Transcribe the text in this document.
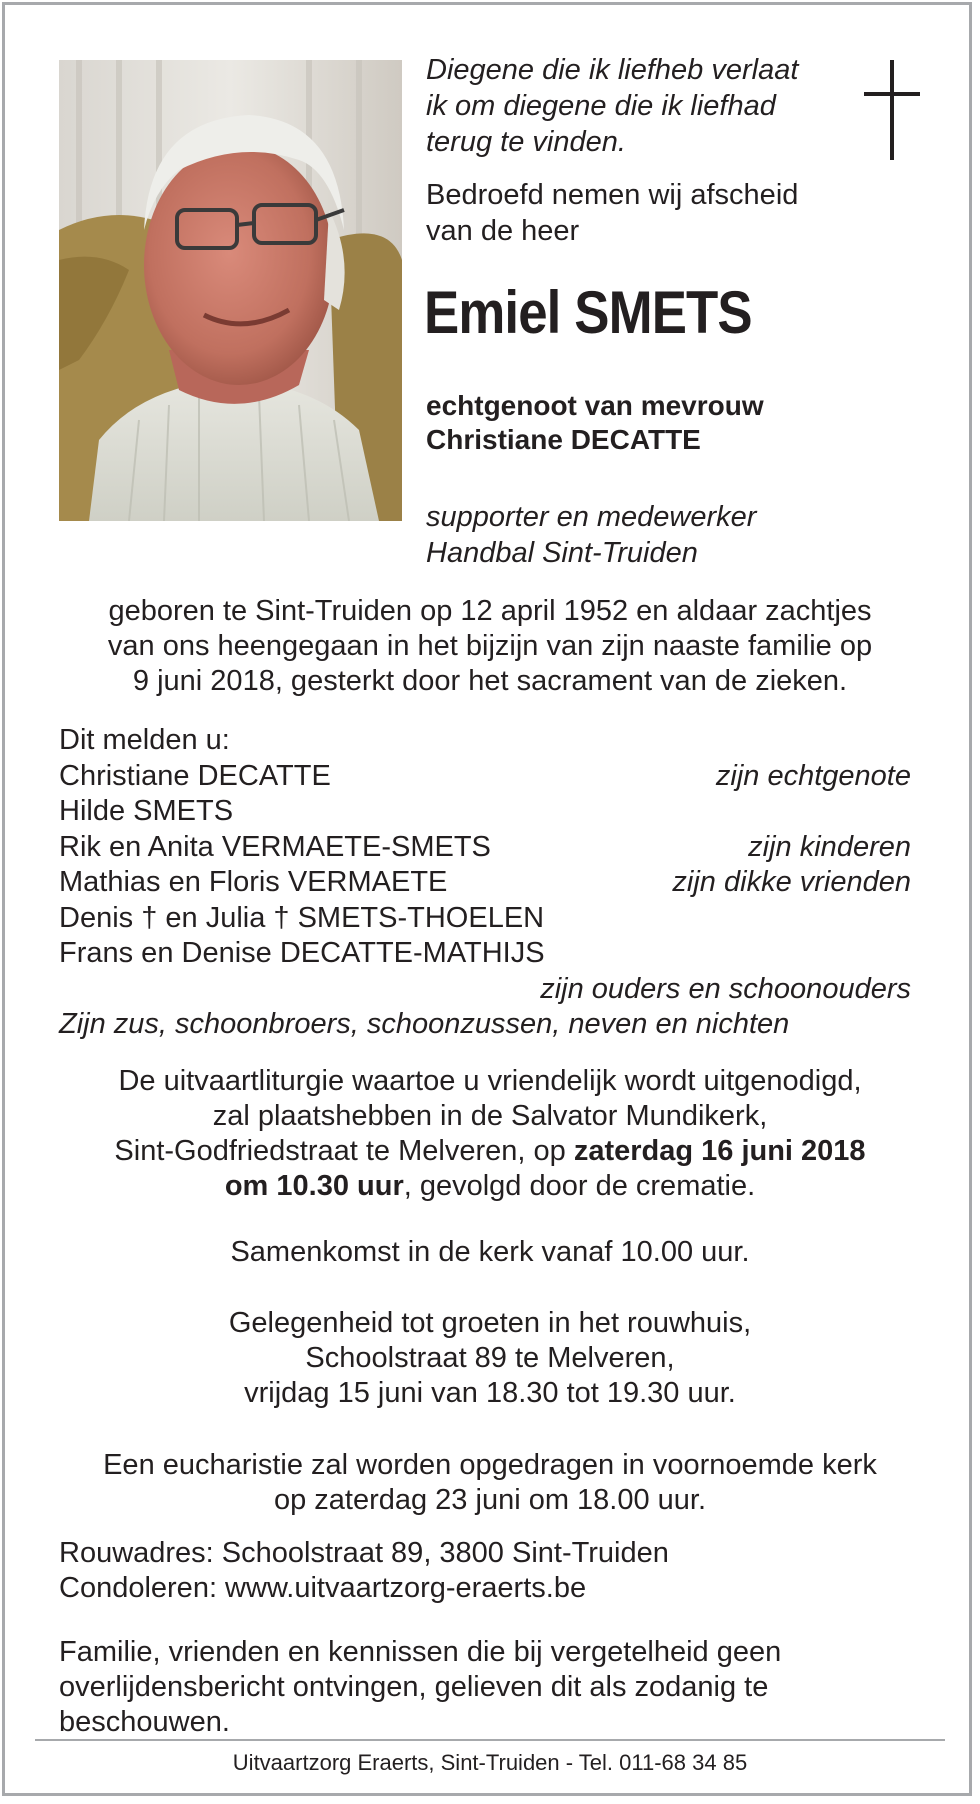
Diegene die ik liefheb verlaat
ik om diegene die ik liefhad
terug te vinden.
Bedroefd nemen wij afscheid
van de heer
Emiel SMETS
echtgenoot van mevrouw
Christiane DECATTE
supporter en medewerker
Handbal Sint-Truiden
geboren te Sint-Truiden op 12 april 1952 en aldaar zachtjes
van ons heengegaan in het bijzijn van zijn naaste familie op
9 juni 2018, gesterkt door het sacrament van de zieken.
Dit melden u:
Christiane DECATTE	zijn echtgenote
Hilde SMETS
Rik en Anita VERMAETE-SMETS	zijn kinderen
Mathias en Floris VERMAETE	zijn dikke vrienden
Denis † en Julia † SMETS-THOELEN
Frans en Denise DECATTE-MATHIJS
zijn ouders en schoonouders
Zijn zus, schoonbroers, schoonzussen, neven en nichten
De uitvaartliturgie waartoe u vriendelijk wordt uitgenodigd,
zal plaatshebben in de Salvator Mundikerk,
Sint-Godfriedstraat te Melveren, op zaterdag 16 juni 2018
om 10.30 uur, gevolgd door de crematie.
Samenkomst in de kerk vanaf 10.00 uur.
Gelegenheid tot groeten in het rouwhuis,
Schoolstraat 89 te Melveren,
vrijdag 15 juni van 18.30 tot 19.30 uur.
Een eucharistie zal worden opgedragen in voornoemde kerk
op zaterdag 23 juni om 18.00 uur.
Rouwadres: Schoolstraat 89, 3800 Sint-Truiden
Condoleren: www.uitvaartzorg-eraerts.be
Familie, vrienden en kennissen die bij vergetelheid geen
overlijdensbericht ontvingen, gelieven dit als zodanig te
beschouwen.
Uitvaartzorg Eraerts, Sint-Truiden - Tel. 011-68 34 85
